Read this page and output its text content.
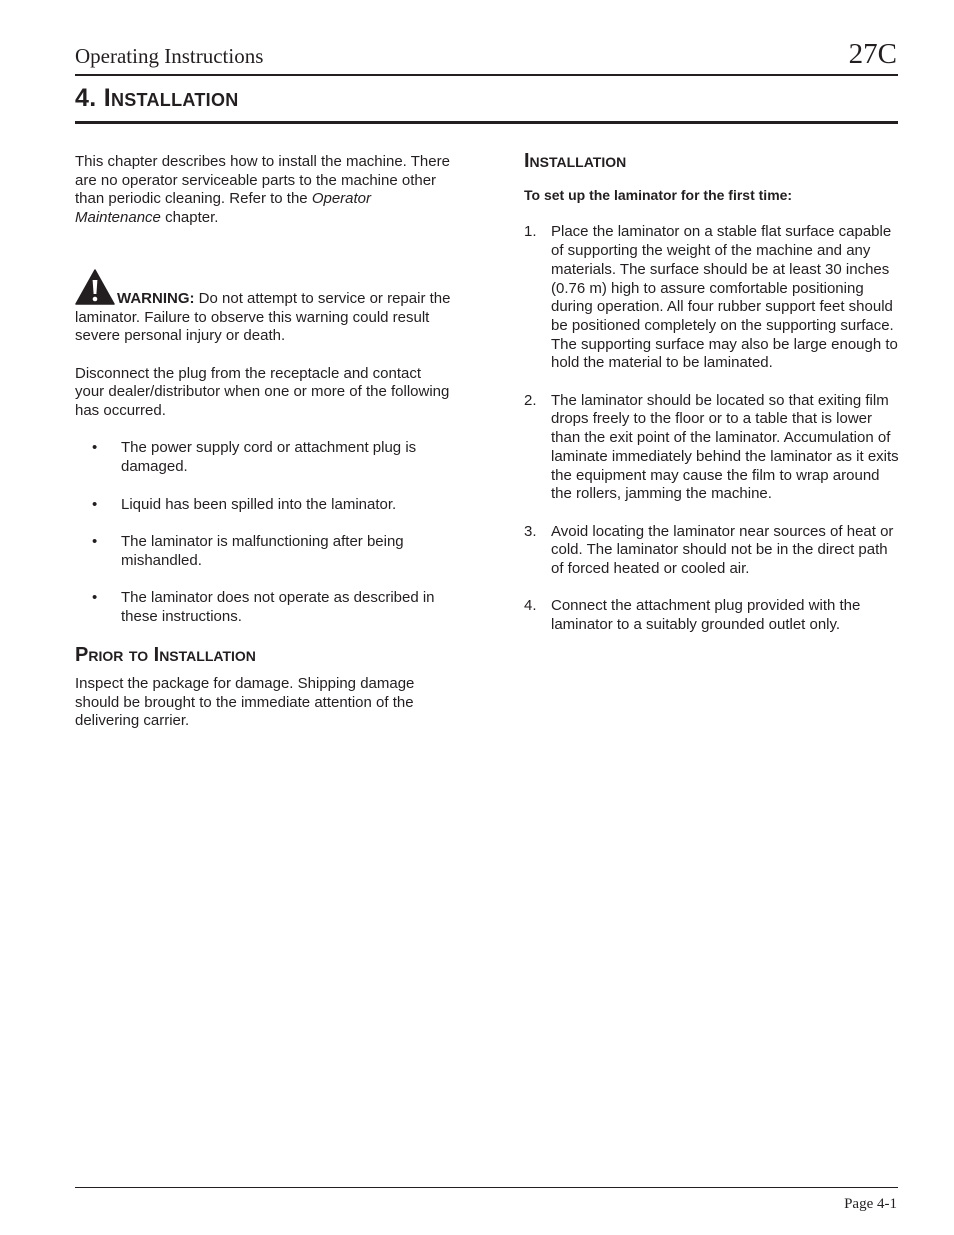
Operating Instructions	27C
4. Installation

This chapter describes how to install the machine. There are no operator serviceable parts to the machine other than periodic cleaning. Refer to the Operator Maintenance chapter.

WARNING: Do not attempt to service or repair the laminator. Failure to observe this warning could result severe personal injury or death.

Disconnect the plug from the receptacle and contact your dealer/distributor when one or more of the following has occurred.

• The power supply cord or attachment plug is damaged.
• Liquid has been spilled into the laminator.
• The laminator is malfunctioning after being mishandled.
• The laminator does not operate as described in these instructions.
Prior to Installation

Inspect the package for damage. Shipping damage should be brought to the immediate attention of the delivering carrier.

Installation

To set up the laminator for the first time:

1. Place the laminator on a stable flat surface capable of supporting the weight of the machine and any materials. The surface should be at least 30 inches (0.76 m) high to assure comfortable positioning during operation. All four rubber support feet should be positioned completely on the supporting surface. The supporting surface may also be large enough to hold the material to be laminated.
2. The laminator should be located so that exiting film drops freely to the floor or to a table that is lower than the exit point of the laminator. Accumulation of laminate immediately behind the laminator as it exits the equipment may cause the film to wrap around the rollers, jamming the machine.
3. Avoid locating the laminator near sources of heat or cold. The laminator should not be in the direct path of forced heated or cooled air.
4. Connect the attachment plug provided with the laminator to a suitably grounded outlet only.
Page 4-1
